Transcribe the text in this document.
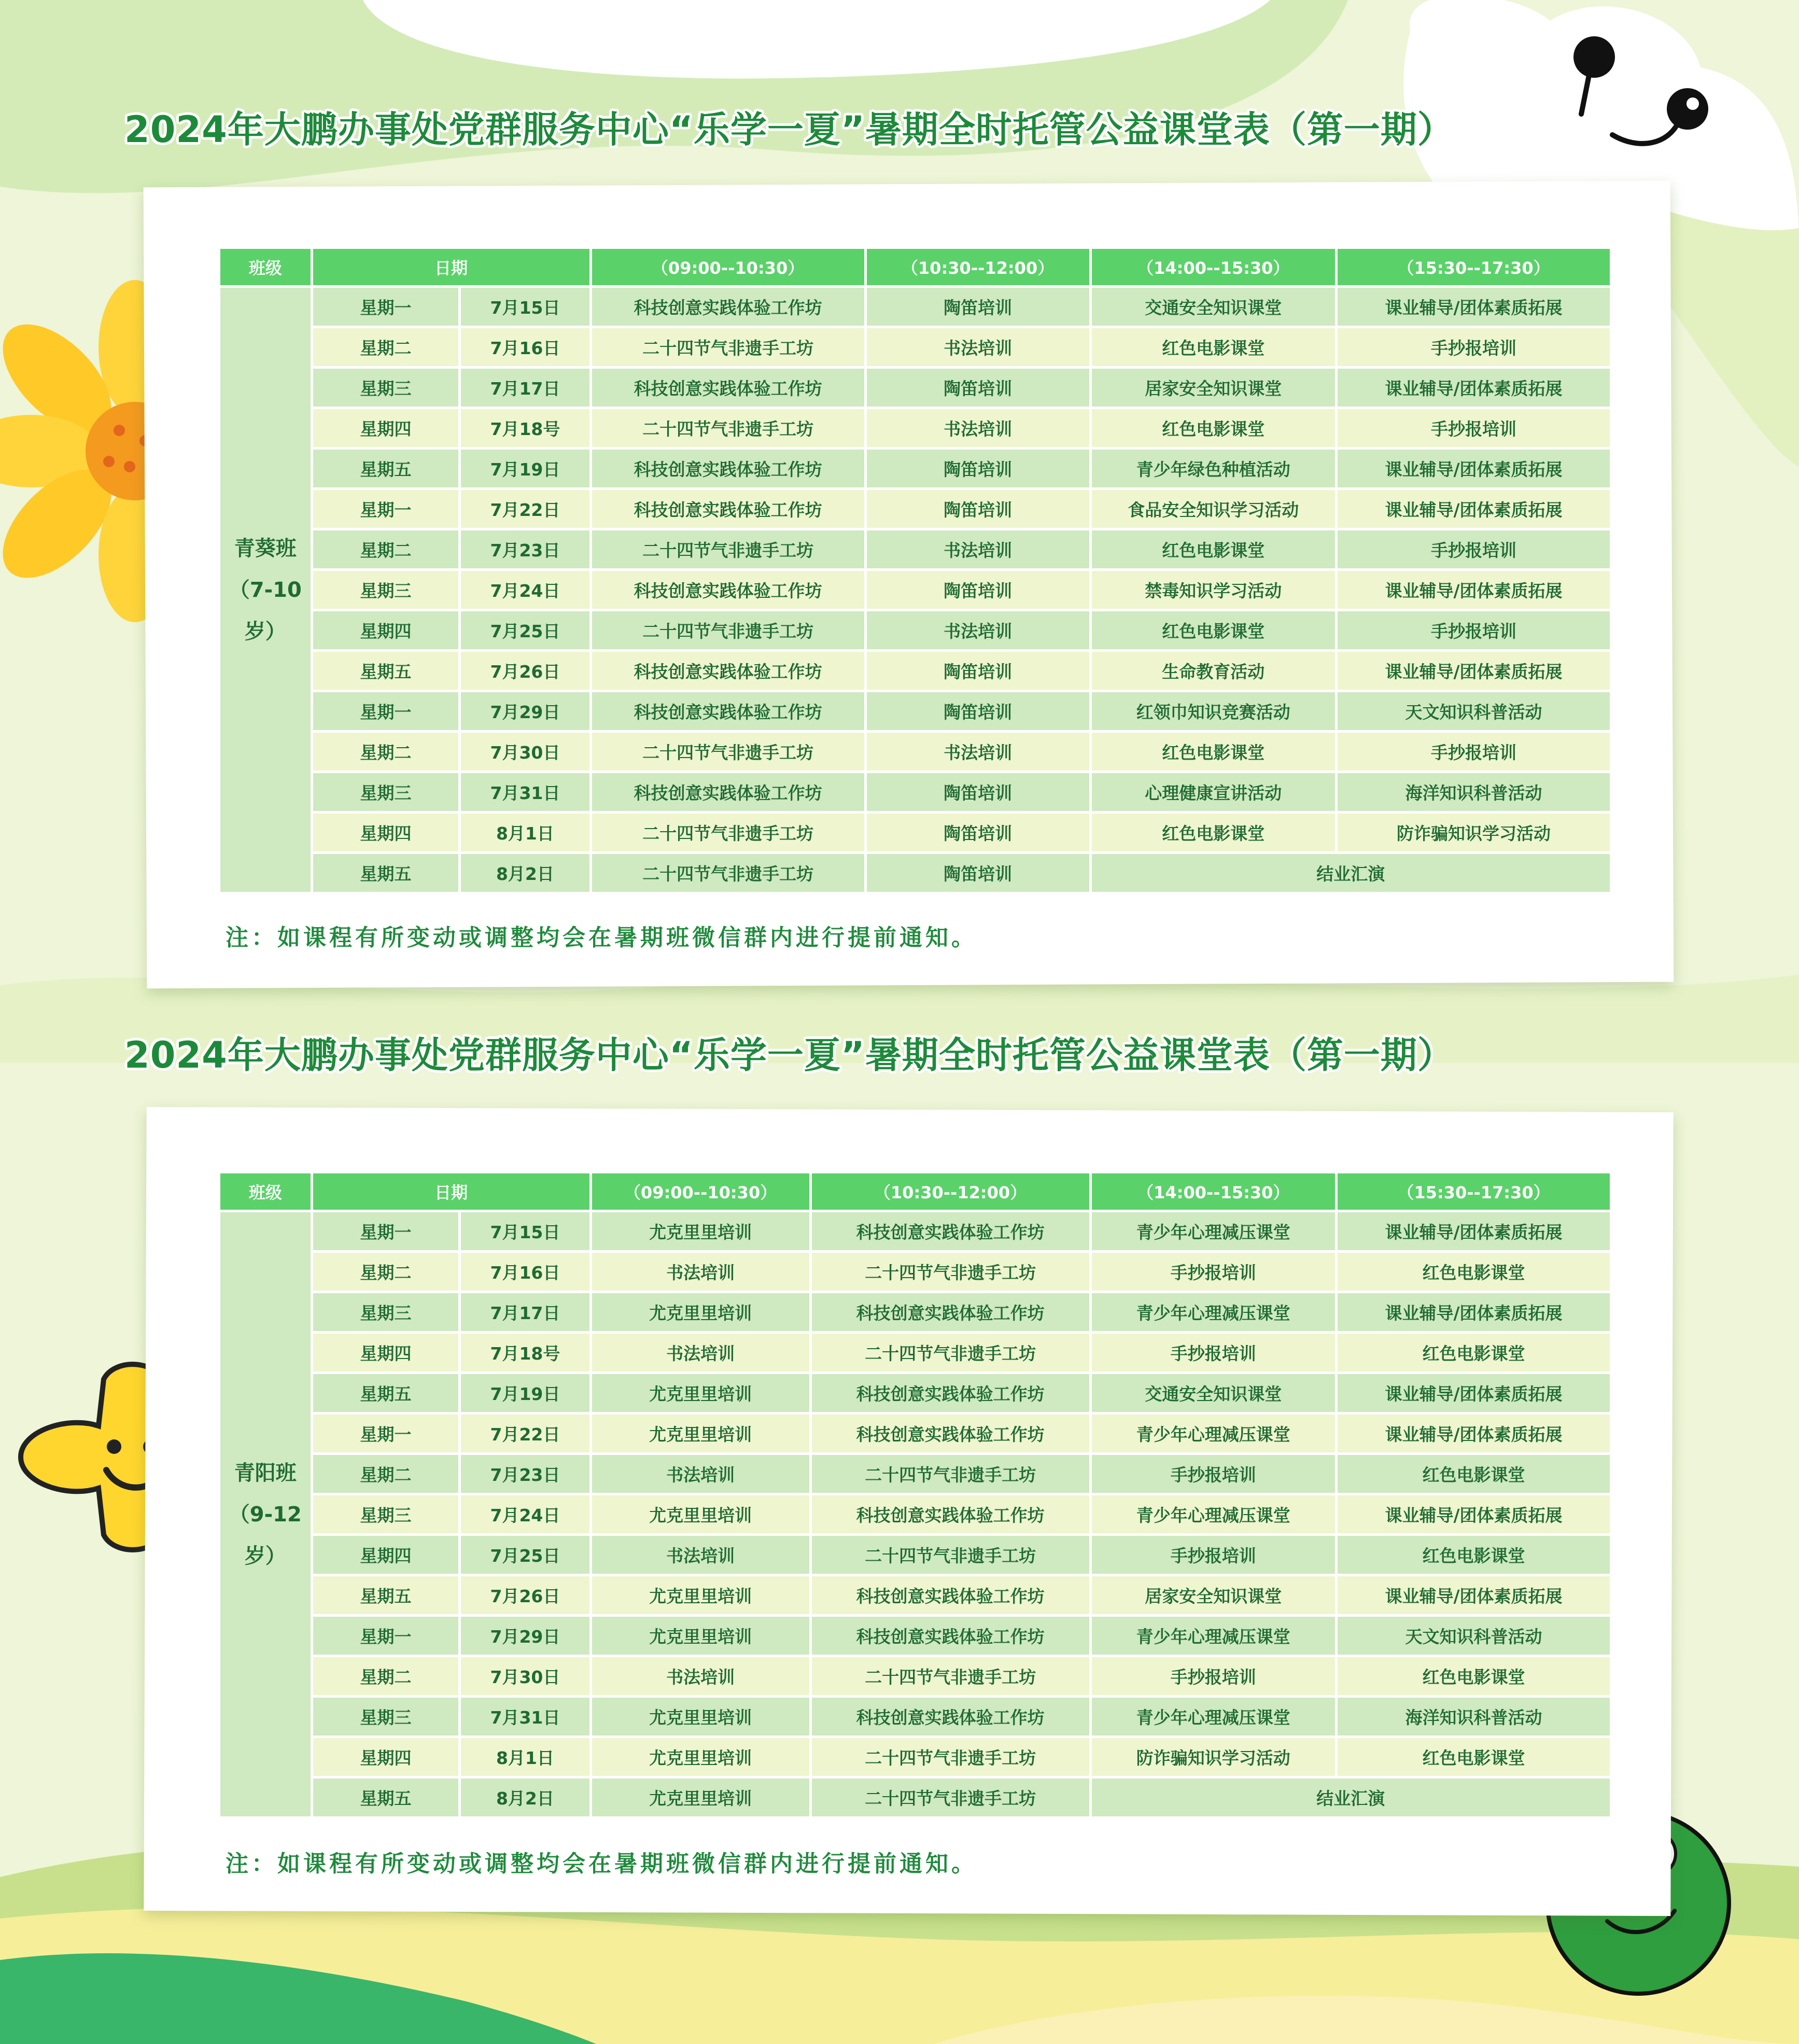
2024年大鹏办事处党群服务中心“乐学一夏”暑期全时托管公益课堂表（第一期）
班级	日期		（09:00--10:30）	（10:30--12:00）	（14:00--15:30）	（15:30--17:30）

青葵班
（7-10岁）	星期一	7月15日	科技创意实践体验工作坊	陶笛培训	交通安全知识课堂	课业辅导/团体素质拓展
	星期二	7月16日	二十四节气非遗手工坊	书法培训	红色电影课堂	手抄报培训
	星期三	7月17日	科技创意实践体验工作坊	陶笛培训	居家安全知识课堂	课业辅导/团体素质拓展
	星期四	7月18号	二十四节气非遗手工坊	书法培训	红色电影课堂	手抄报培训
	星期五	7月19日	科技创意实践体验工作坊	陶笛培训	青少年绿色种植活动	课业辅导/团体素质拓展
	星期一	7月22日	科技创意实践体验工作坊	陶笛培训	食品安全知识学习活动	课业辅导/团体素质拓展
	星期二	7月23日	二十四节气非遗手工坊	书法培训	红色电影课堂	手抄报培训
	星期三	7月24日	科技创意实践体验工作坊	陶笛培训	禁毒知识学习活动	课业辅导/团体素质拓展
	星期四	7月25日	二十四节气非遗手工坊	书法培训	红色电影课堂	手抄报培训
	星期五	7月26日	科技创意实践体验工作坊	陶笛培训	生命教育活动	课业辅导/团体素质拓展
	星期一	7月29日	科技创意实践体验工作坊	陶笛培训	红领巾知识竞赛活动	天文知识科普活动
	星期二	7月30日	二十四节气非遗手工坊	书法培训	红色电影课堂	手抄报培训
	星期三	7月31日	科技创意实践体验工作坊	陶笛培训	心理健康宣讲活动	海洋知识科普活动
	星期四	8月1日	二十四节气非遗手工坊	陶笛培训	红色电影课堂	防诈骗知识学习活动
	星期五	8月2日	二十四节气非遗手工坊	陶笛培训	结业汇演	
注：如课程有所变动或调整均会在暑期班微信群内进行提前通知。
2024年大鹏办事处党群服务中心“乐学一夏”暑期全时托管公益课堂表（第一期）
班级	日期		（09:00--10:30）	（10:30--12:00）	（14:00--15:30）	（15:30--17:30）

青阳班
（9-12岁）	星期一	7月15日	尤克里里培训	科技创意实践体验工作坊	青少年心理减压课堂	课业辅导/团体素质拓展
	星期二	7月16日	书法培训	二十四节气非遗手工坊	手抄报培训	红色电影课堂
	星期三	7月17日	尤克里里培训	科技创意实践体验工作坊	青少年心理减压课堂	课业辅导/团体素质拓展
	星期四	7月18号	书法培训	二十四节气非遗手工坊	手抄报培训	红色电影课堂
	星期五	7月19日	尤克里里培训	科技创意实践体验工作坊	交通安全知识课堂	课业辅导/团体素质拓展
	星期一	7月22日	尤克里里培训	科技创意实践体验工作坊	青少年心理减压课堂	课业辅导/团体素质拓展
	星期二	7月23日	书法培训	二十四节气非遗手工坊	手抄报培训	红色电影课堂
	星期三	7月24日	尤克里里培训	科技创意实践体验工作坊	青少年心理减压课堂	课业辅导/团体素质拓展
	星期四	7月25日	书法培训	二十四节气非遗手工坊	手抄报培训	红色电影课堂
	星期五	7月26日	尤克里里培训	科技创意实践体验工作坊	居家安全知识课堂	课业辅导/团体素质拓展
	星期一	7月29日	尤克里里培训	科技创意实践体验工作坊	青少年心理减压课堂	天文知识科普活动
	星期二	7月30日	书法培训	二十四节气非遗手工坊	手抄报培训	红色电影课堂
	星期三	7月31日	尤克里里培训	科技创意实践体验工作坊	青少年心理减压课堂	海洋知识科普活动
	星期四	8月1日	尤克里里培训	二十四节气非遗手工坊	防诈骗知识学习活动	红色电影课堂
	星期五	8月2日	尤克里里培训	二十四节气非遗手工坊	结业汇演	
注：如课程有所变动或调整均会在暑期班微信群内进行提前通知。
